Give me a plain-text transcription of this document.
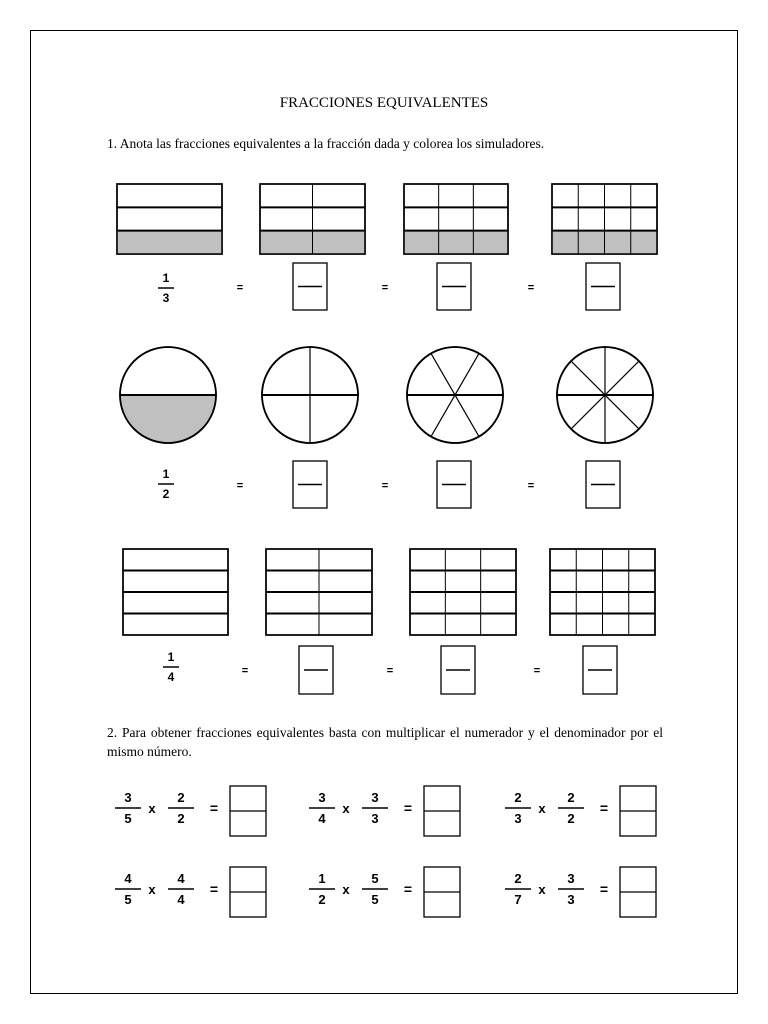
FRACCIONES EQUIVALENTES
1. Anota las fracciones equivalentes a la fracción dada y colorea los simuladores.
2. Para obtener fracciones equivalentes basta con multiplicar el numerador y el denominador por el mismo número.
1
3
=	=	=
1
2
=	=	=
1
4	=	=	=
3
5
x
2
2
=
3
4
x
3
3
=
2
3
x
2
2
=
4
5
x
4
4
=
1
2
x
5
5
=
2
7
x
3
3
=
